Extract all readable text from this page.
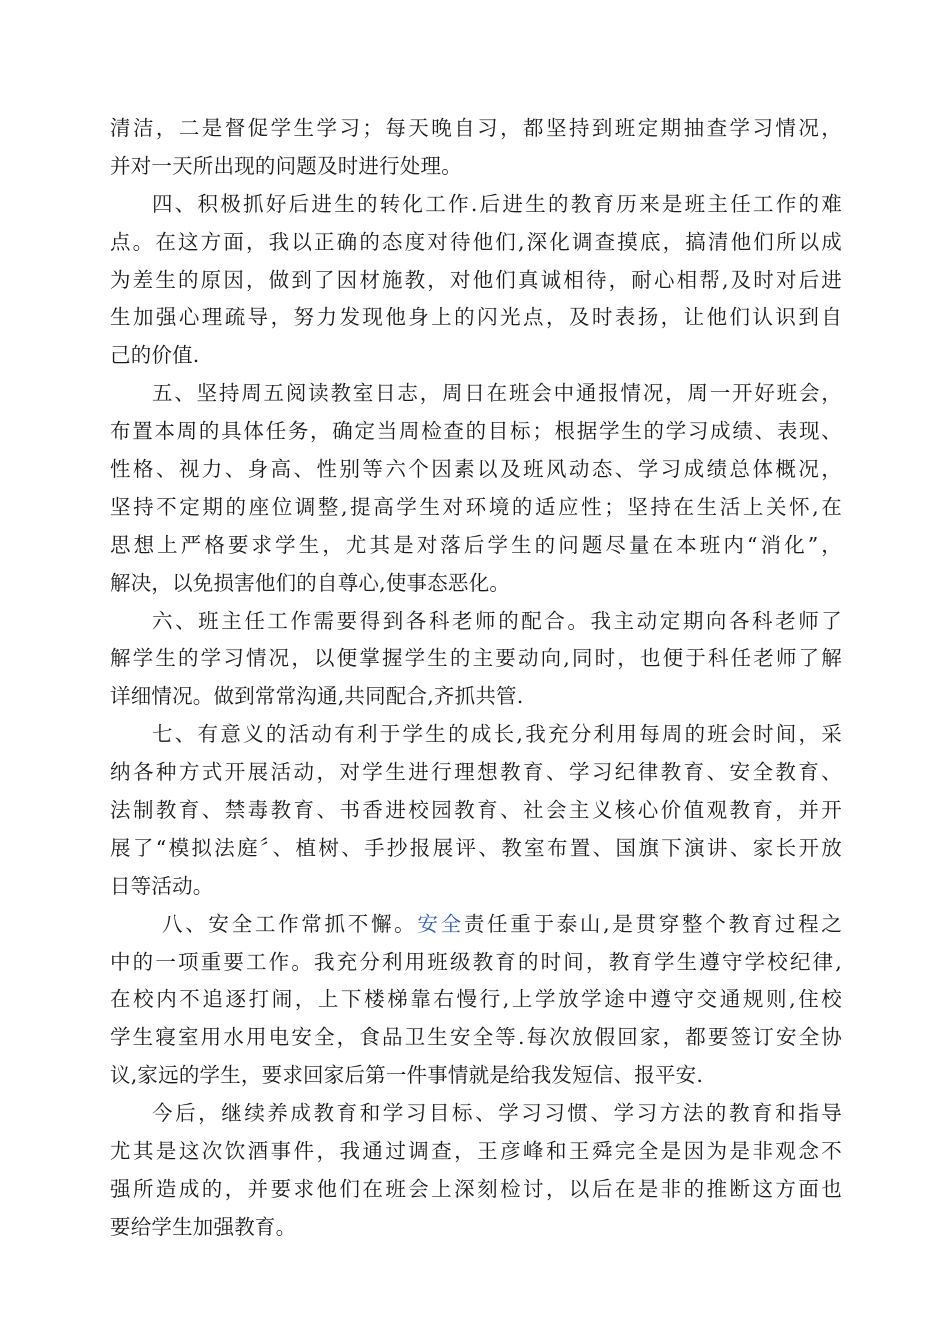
清洁，二是督促学生学习；每天晚自习，都坚持到班定期抽查学习情况，
并对一天所出现的问题及时进行处理。
四、积极抓好后进生的转化工作.后进生的教育历来是班主任工作的难
点。在这方面，我以正确的态度对待他们,深化调查摸底，搞清他们所以成
为差生的原因，做到了因材施教，对他们真诚相待，耐心相帮,及时对后进
生加强心理疏导，努力发现他身上的闪光点，及时表扬，让他们认识到自
己的价值.
五、坚持周五阅读教室日志，周日在班会中通报情况，周一开好班会，
布置本周的具体任务，确定当周检查的目标；根据学生的学习成绩、表现、
性格、视力、身高、性别等六个因素以及班风动态、学习成绩总体概况，
坚持不定期的座位调整,提高学生对环境的适应性；坚持在生活上关怀,在
思想上严格要求学生，尤其是对落后学生的问题尽量在本班内“消化”，
解决，以免损害他们的自尊心,使事态恶化。
六、班主任工作需要得到各科老师的配合。我主动定期向各科老师了
解学生的学习情况，以便掌握学生的主要动向,同时，也便于科任老师了解
详细情况。做到常常沟通,共同配合,齐抓共管.
七、有意义的活动有利于学生的成长,我充分利用每周的班会时间，采
纳各种方式开展活动，对学生进行理想教育、学习纪律教育、安全教育、
法制教育、禁毒教育、书香进校园教育、社会主义核心价值观教育，并开
展了“模拟法庭〞、植树、手抄报展评、教室布置、国旗下演讲、家长开放
日等活动。
八、安全工作常抓不懈。安全责任重于泰山,是贯穿整个教育过程之
中的一项重要工作。我充分利用班级教育的时间，教育学生遵守学校纪律,
在校内不追逐打闹，上下楼梯靠右慢行,上学放学途中遵守交通规则,住校
学生寝室用水用电安全，食品卫生安全等.每次放假回家，都要签订安全协
议,家远的学生，要求回家后第一件事情就是给我发短信、报平安.
今后，继续养成教育和学习目标、学习习惯、学习方法的教育和指导
尤其是这次饮酒事件，我通过调查，王彦峰和王舜完全是因为是非观念不
强所造成的，并要求他们在班会上深刻检讨，以后在是非的推断这方面也
要给学生加强教育。
